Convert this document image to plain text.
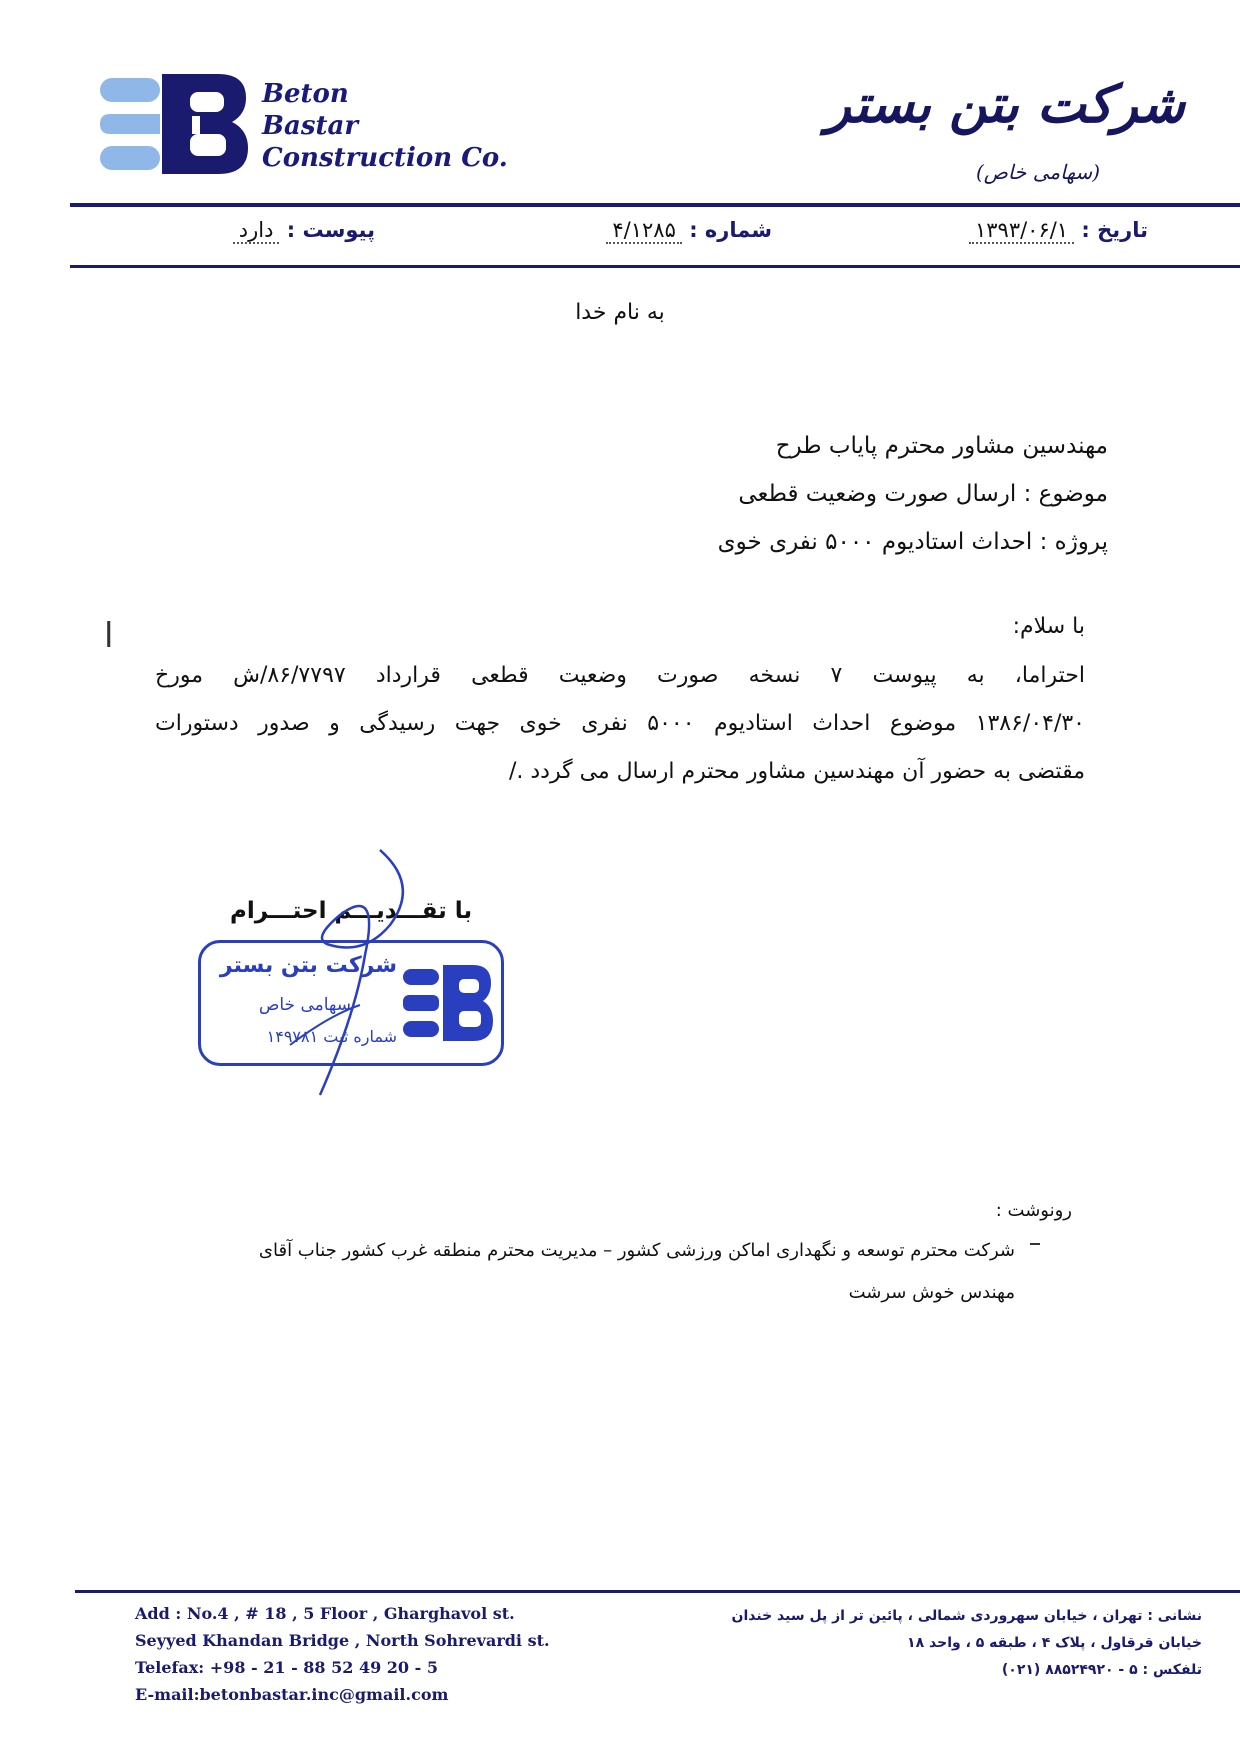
Beton
Bastar
Construction Co.
شرکت بتن بستر
(سهامی خاص)
تاریخ : ۱۳۹۳/۰۶/۱
شماره : ۴/۱۲۸۵
پیوست : دارد
به نام خدا
مهندسین مشاور محترم پایاب طرح
موضوع : ارسال صورت وضعیت قطعی
پروژه : احداث استادیوم ۵۰۰۰ نفری خوی
با سلام:
احتراما، به پیوست ۷ نسخه صورت وضعیت قطعی قرارداد ۸۶/۷۷۹۷/ش مورخ
۱۳۸۶/۰۴/۳۰ موضوع احداث استادیوم ۵۰۰۰ نفری خوی جهت رسیدگی و صدور دستورات
مقتضی به حضور آن مهندسین مشاور محترم ارسال می گردد ./
ا
با تقـــدیـــم احتـــرام
شرکت بتن بستر
سهامی خاص
شماره ثبت ۱۴۹۷۸۱
رونوشت :
شرکت محترم توسعه و نگهداری اماکن ورزشی کشور – مدیریت محترم منطقه غرب کشور جناب آقای
مهندس خوش سرشت
Add : No.4 , # 18 , 5 Floor , Gharghavol st.
Seyyed Khandan Bridge , North Sohrevardi st.
Telefax: +98 - 21 - 88 52 49 20 - 5
E-mail:betonbastar.inc@gmail.com
نشانی : تهران ، خیابان سهروردی شمالی ، پائین تر از پل سید خندان
خیابان قرقاول ، پلاک ۴ ، طبقه ۵ ، واحد ۱۸
تلفکس : ۵ - ۸۸۵۲۴۹۲۰ (۰۲۱)
